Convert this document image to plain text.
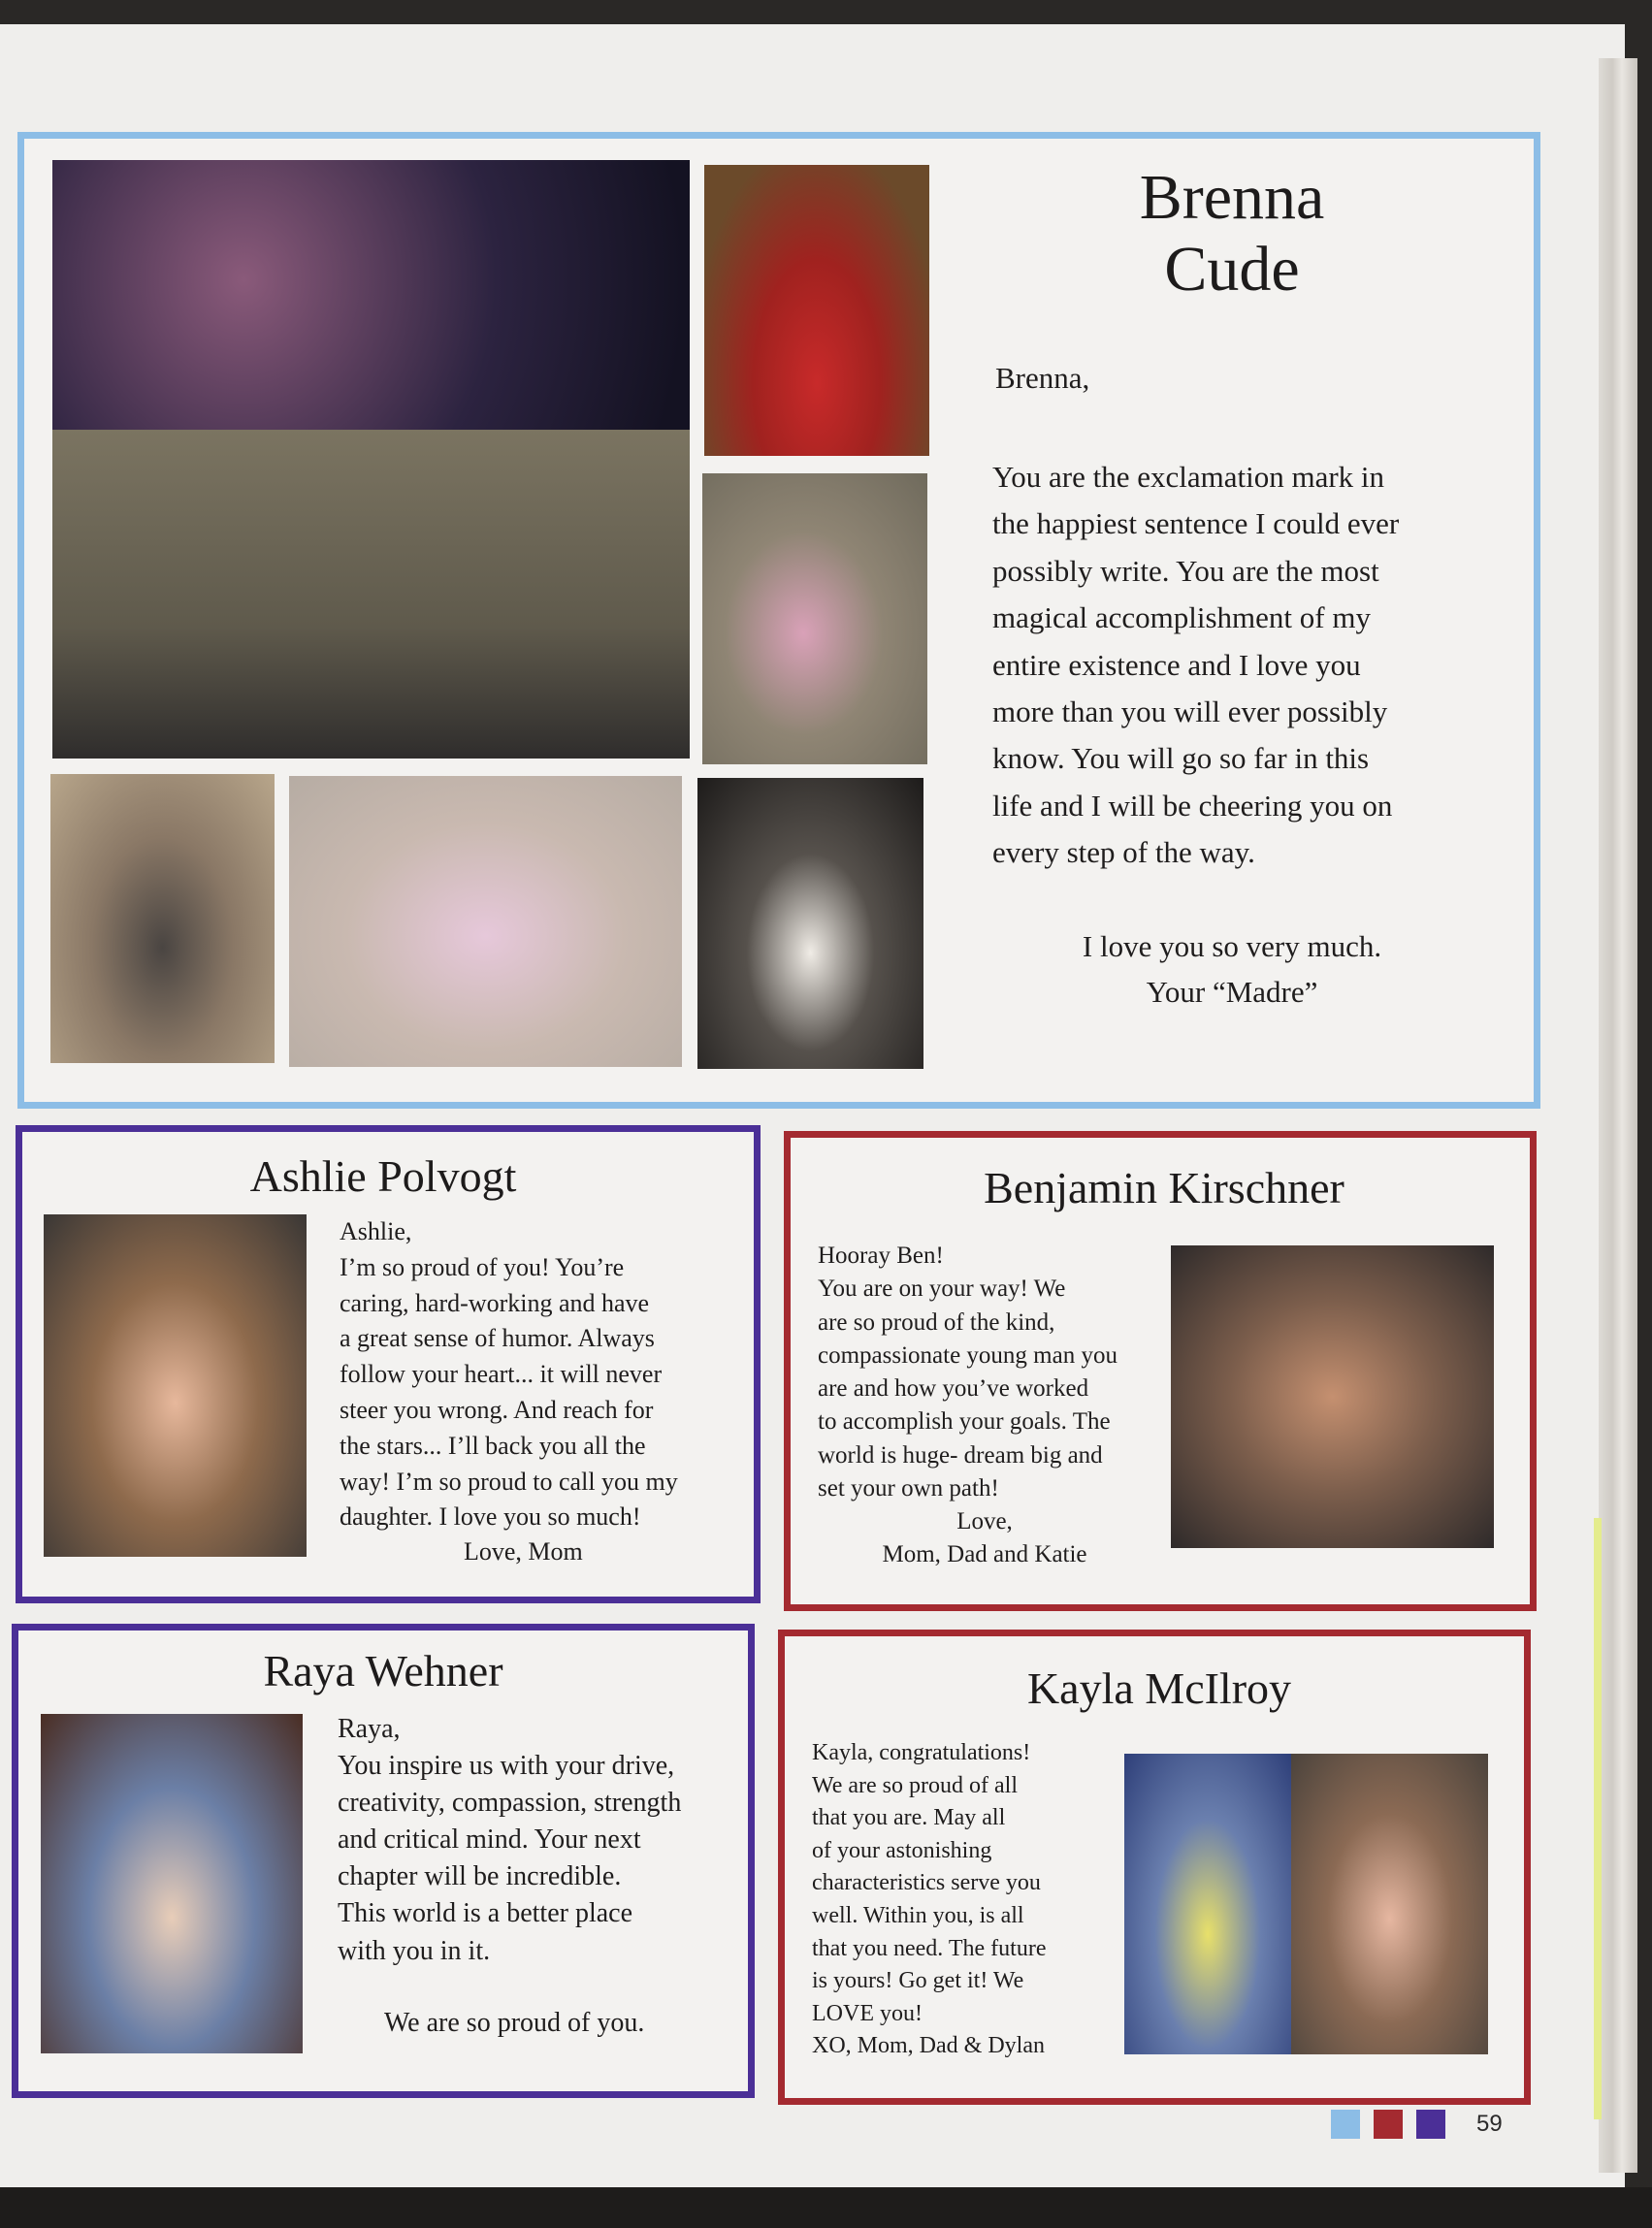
Brenna
Cude

Brenna,

You are the exclamation mark in
the happiest sentence I could ever
possibly write. You are the most
magical accomplishment of my
entire existence and I love you
more than you will ever possibly
know. You will go so far in this
life and I will be cheering you on
every step of the way.

I love you so very much.
Your “Madre”

Ashlie Polvogt

Ashlie,
I’m so proud of you! You’re
caring, hard-working and have
a great sense of humor. Always
follow your heart... it will never
steer you wrong. And reach for
the stars... I’ll back you all the
way! I’m so proud to call you my
daughter. I love you so much!

Love, Mom

Benjamin Kirschner

Hooray Ben!
You are on your way! We
are so proud of the kind,
compassionate young man you
are and how you’ve worked
to accomplish your goals. The
world is huge- dream big and
set your own path!

Love,
Mom, Dad and Katie

Raya Wehner

Raya,
You inspire us with your drive,
creativity, compassion, strength
and critical mind. Your next
chapter will be incredible.
This world is a better place
with you in it.

We are so proud of you.

Kayla McIlroy

Kayla, congratulations!
We are so proud of all
that you are. May all
of your astonishing
characteristics serve you
well. Within you, is all
that you need. The future
is yours! Go get it! We
LOVE you!
XO, Mom, Dad & Dylan

59
